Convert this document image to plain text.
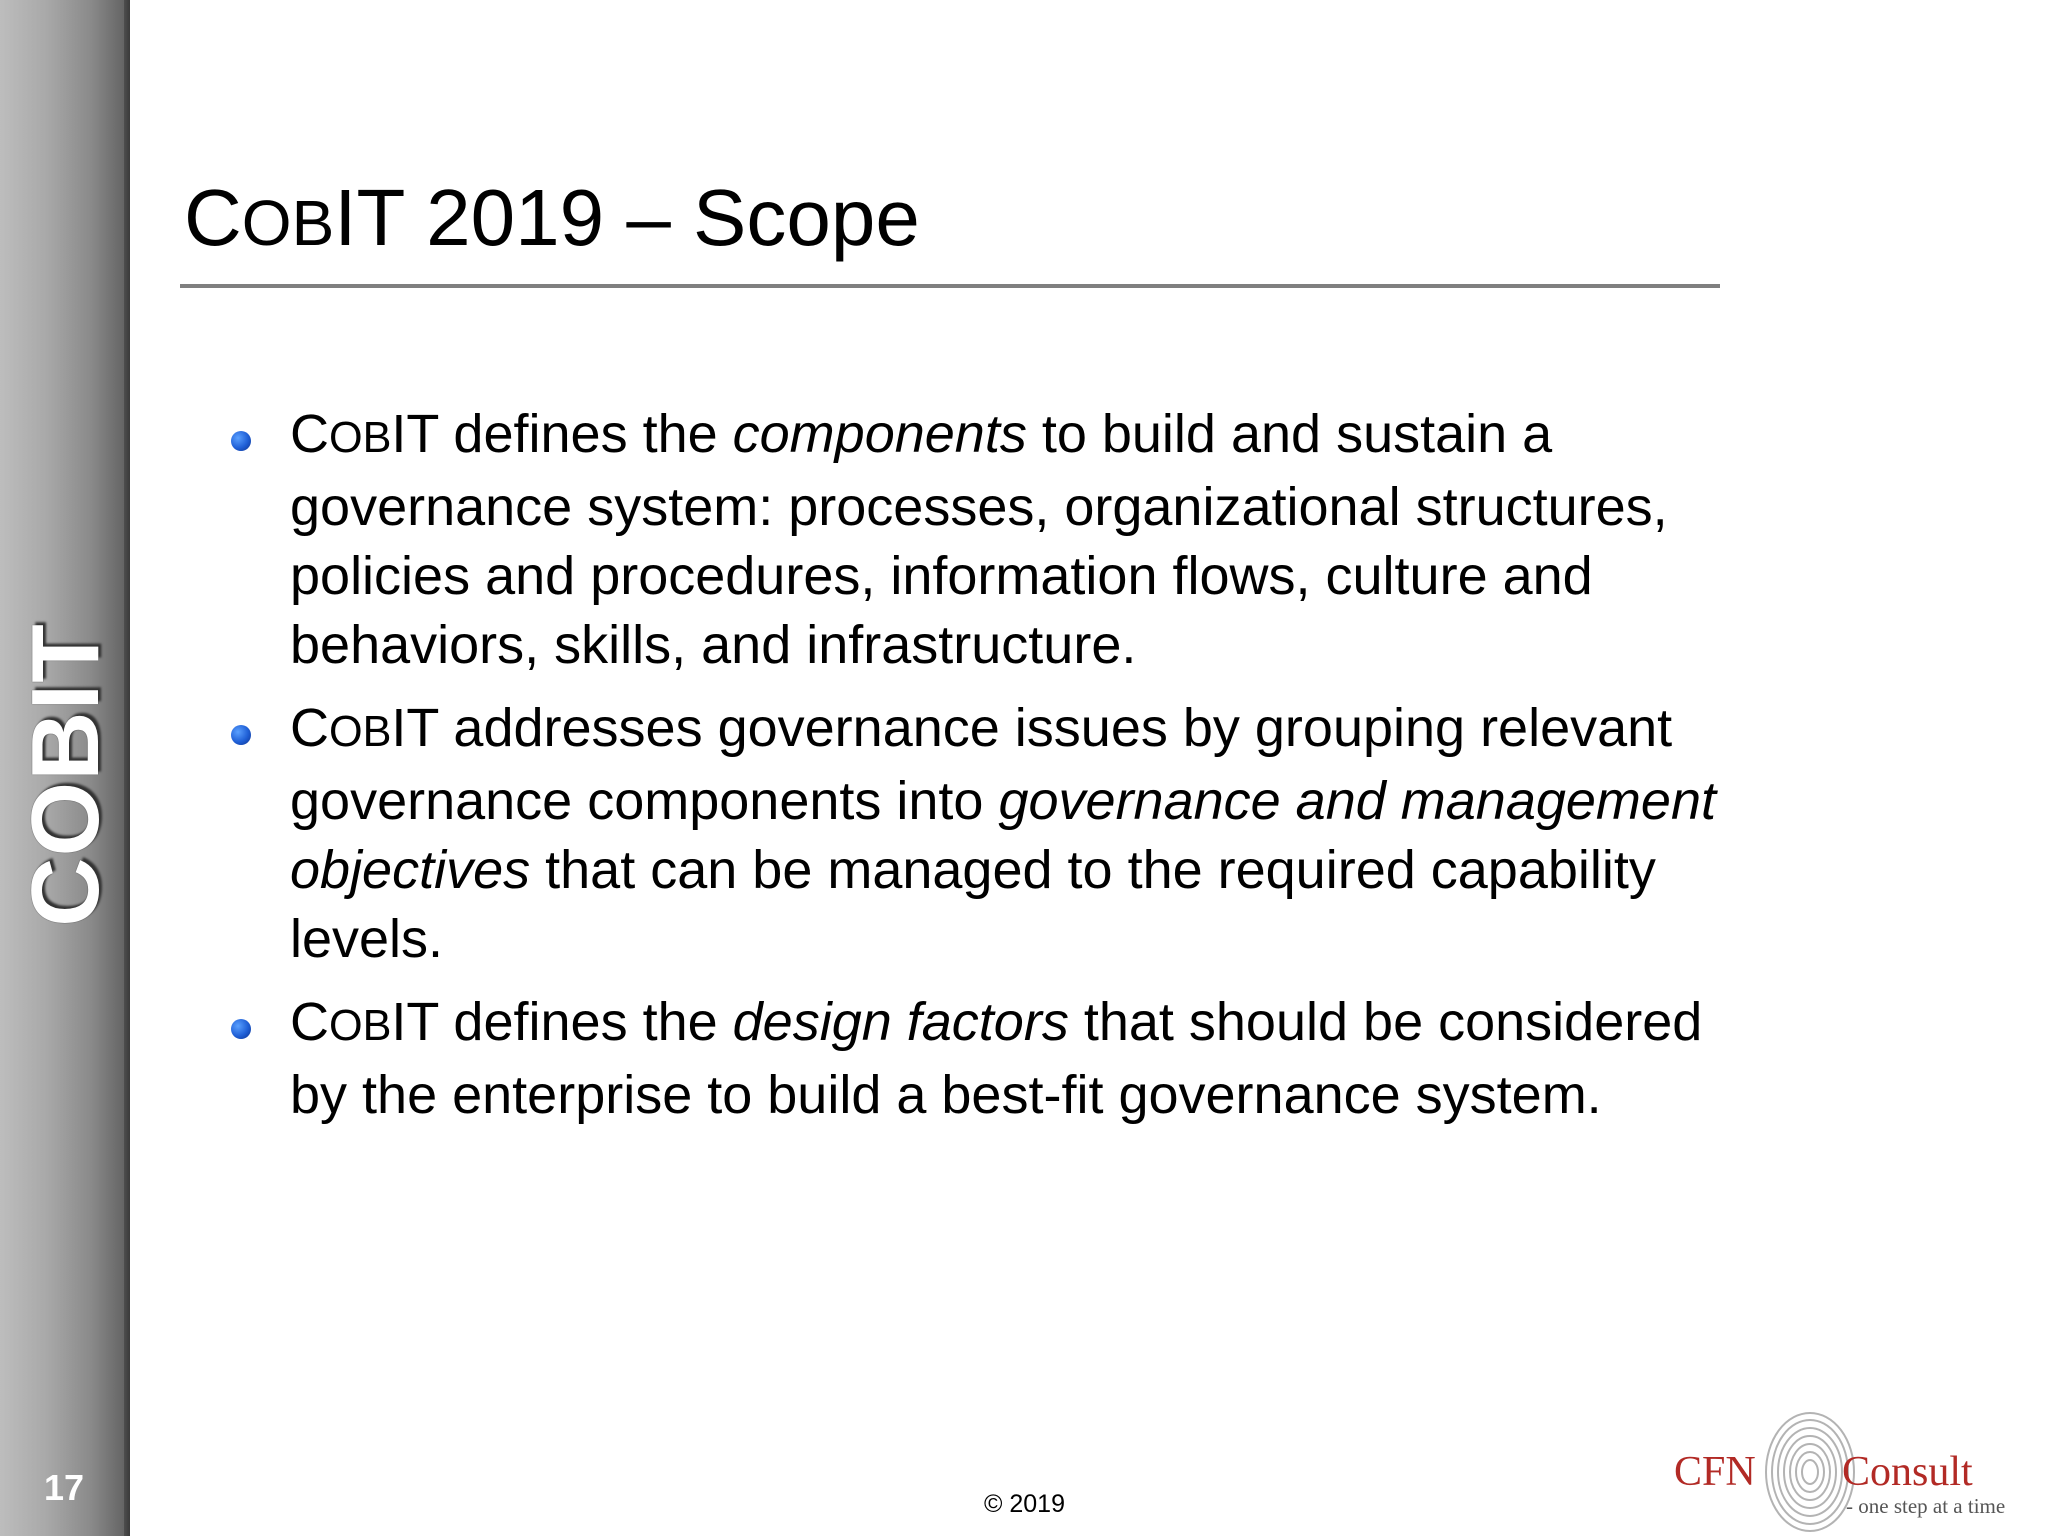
COBIT
17
COBIT 2019 – Scope
COBIT defines the components to build and sustain a
governance system: processes, organizational structures,
policies and procedures, information flows, culture and
behaviors, skills, and infrastructure.
COBIT addresses governance issues by grouping relevant
governance components into governance and management
objectives that can be managed to the required capability
levels.
COBIT defines the design factors that should be considered
by the enterprise to build a best-fit governance system.
© 2019
CFN Consult
- one step at a time
